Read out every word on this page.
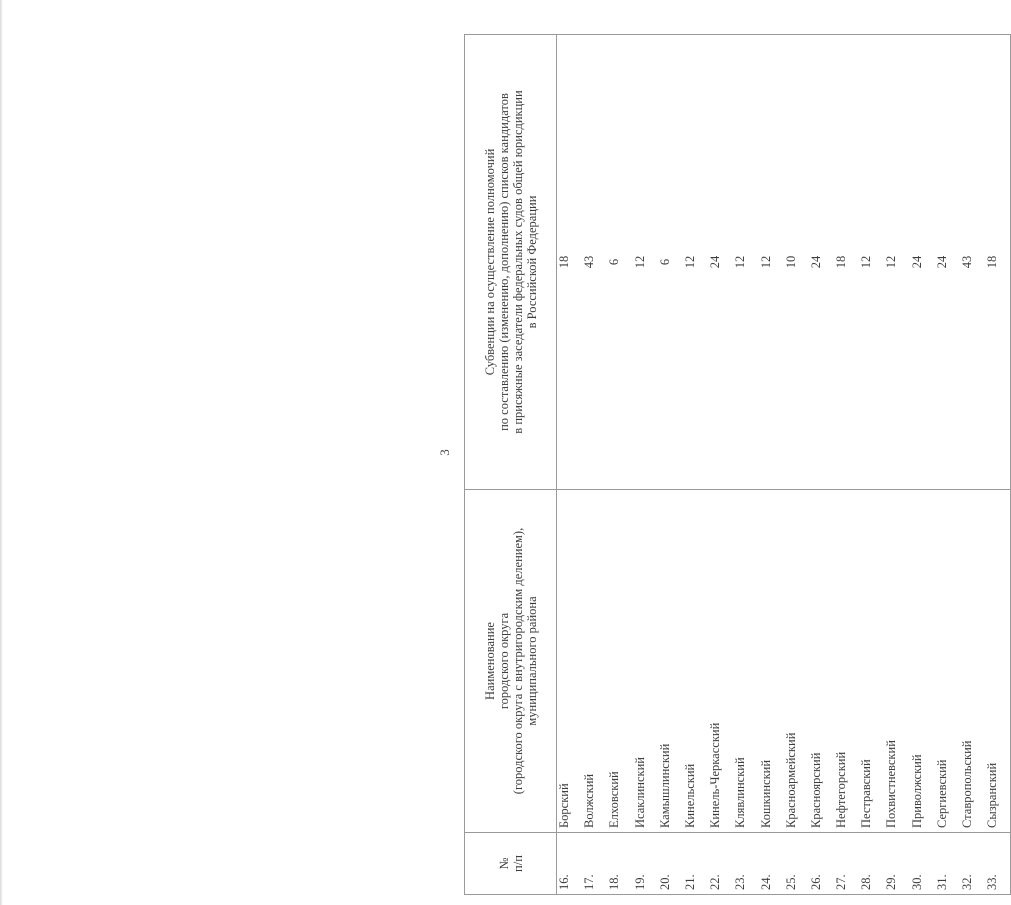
3
№ п/п	Наименование городского округа (городского округа с внутригородским делением), муниципального района	Субвенции на осуществление полномочий по составлению (изменению, дополнению) списков кандидатов в присяжные заседатели федеральных судов общей юрисдикции в Российской Федерации

16.	Борский	18
17.	Волжский	43
18.	Елховский	6
19.	Исаклинский	12
20.	Камышлинский	6
21.	Кинельский	12
22.	Кинель-Черкасский	24
23.	Клявлинский	12
24.	Кошкинский	12
25.	Красноармейский	10
26.	Красноярский	24
27.	Нефтегорский	18
28.	Пестравский	12
29.	Похвистневский	12
30.	Приволжский	24
31.	Сергиевский	24
32.	Ставропольский	43
33.	Сызранский	18
